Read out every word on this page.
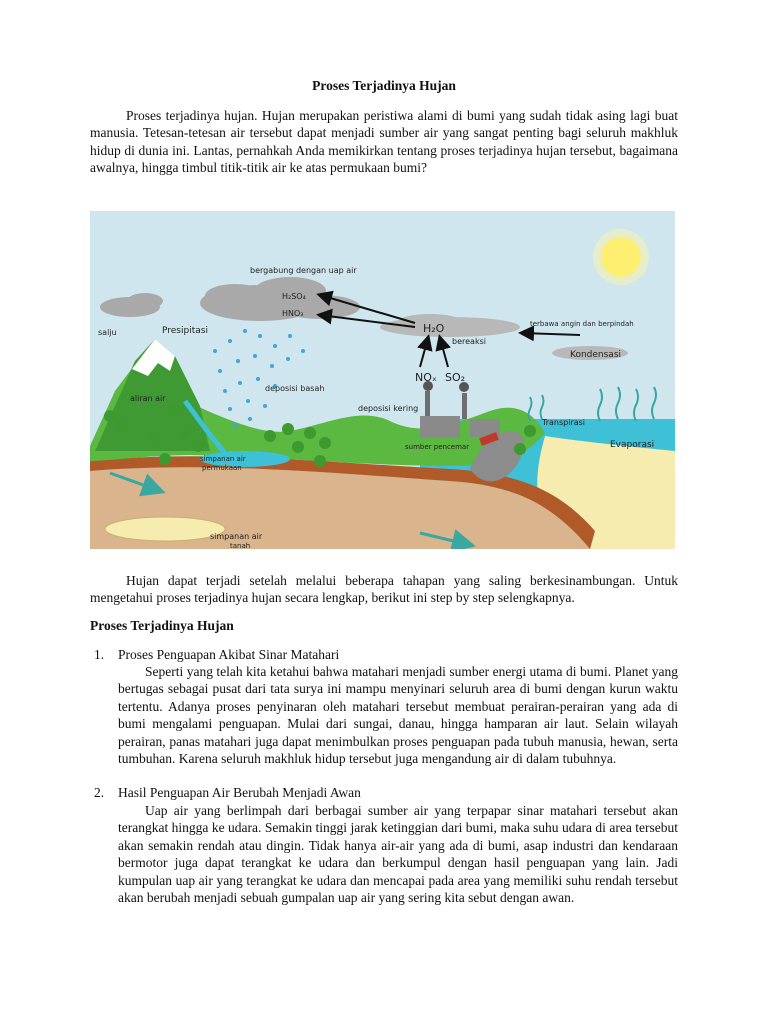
Proses Terjadinya Hujan

Proses terjadinya hujan. Hujan merupakan peristiwa alami di bumi yang sudah tidak asing lagi buat manusia. Tetesan-tetesan air tersebut dapat menjadi sumber air yang sangat penting bagi seluruh makhluk hidup di dunia ini. Lantas, pernahkah Anda memikirkan tentang proses terjadinya hujan tersebut, bagaimana awalnya, hingga timbul titik-titik air ke atas permukaan bumi?

bergabung dengan uap air
H₂SO₄
HNO₃
H₂O
bereaksi
NOₓ SO₂
terbawa angin dan berpindah
Kondensasi
salju	Presipitasi
deposisi basah
deposisi kering
aliran air
simpanan air
permukaan
sumber pencemar
Transpirasi
Evaporasi
simpanan air
tanah

Hujan dapat terjadi setelah melalui beberapa tahapan yang saling berkesinambungan. Untuk mengetahui proses terjadinya hujan secara lengkap, berikut ini step by step selengkapnya.

Proses Terjadinya Hujan
1. Proses Penguapan Akibat Sinar Matahari

Seperti yang telah kita ketahui bahwa matahari menjadi sumber energi utama di bumi. Planet yang bertugas sebagai pusat dari tata surya ini mampu menyinari seluruh area di bumi dengan kurun waktu tertentu. Adanya proses penyinaran oleh matahari tersebut membuat perairan-perairan yang ada di bumi mengalami penguapan. Mulai dari sungai, danau, hingga hamparan air laut. Selain wilayah perairan, panas matahari juga dapat menimbulkan proses penguapan pada tubuh manusia, hewan, serta tumbuhan. Karena seluruh makhluk hidup tersebut juga mengandung air di dalam tubuhnya.

2. Hasil Penguapan Air Berubah Menjadi Awan

Uap air yang berlimpah dari berbagai sumber air yang terpapar sinar matahari tersebut akan terangkat hingga ke udara. Semakin tinggi jarak ketinggian dari bumi, maka suhu udara di area tersebut akan semakin rendah atau dingin. Tidak hanya air-air yang ada di bumi, asap industri dan kendaraan bermotor juga dapat terangkat ke udara dan berkumpul dengan hasil penguapan yang lain. Jadi kumpulan uap air yang terangkat ke udara dan mencapai pada area yang memiliki suhu rendah tersebut akan berubah menjadi sebuah gumpalan uap air yang sering kita sebut dengan awan.
